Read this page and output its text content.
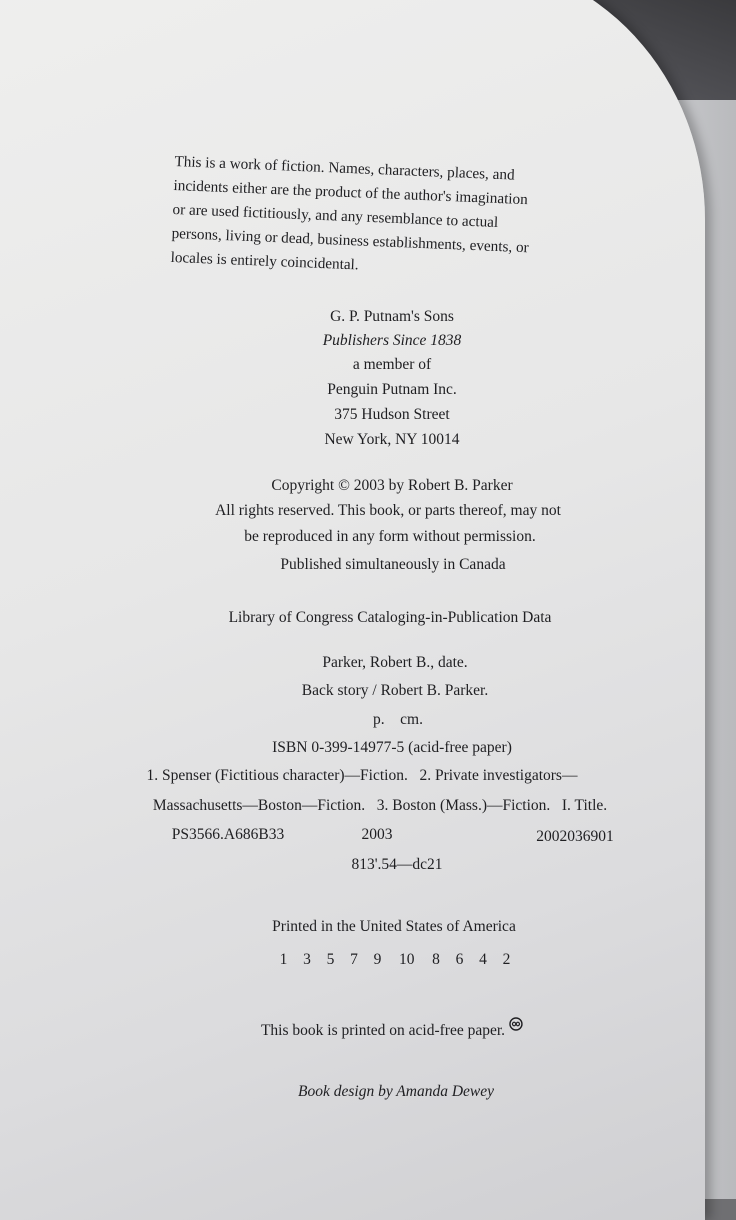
This is a work of fiction. Names, characters, places, and
incidents either are the product of the author's imagination
or are used fictitiously, and any resemblance to actual
persons, living or dead, business establishments, events, or
locales is entirely coincidental.
G. P. Putnam's Sons
Publishers Since 1838
a member of
Penguin Putnam Inc.
375 Hudson Street
New York, NY 10014
Copyright © 2003 by Robert B. Parker
All rights reserved. This book, or parts thereof, may not
be reproduced in any form without permission.
Published simultaneously in Canada
Library of Congress Cataloging-in-Publication Data
Parker, Robert B., date.
Back story / Robert B. Parker.
p.    cm.
ISBN 0-399-14977-5 (acid-free paper)
1. Spenser (Fictitious character)—Fiction.   2. Private investigators—
Massachusetts—Boston—Fiction.   3. Boston (Mass.)—Fiction.   I. Title.
PS3566.A686B33	2003	2002036901
813'.54—dc21
Printed in the United States of America
1 3 5 7 9 10 8 6 4 2
This book is printed on acid-free paper.
Book design by Amanda Dewey
